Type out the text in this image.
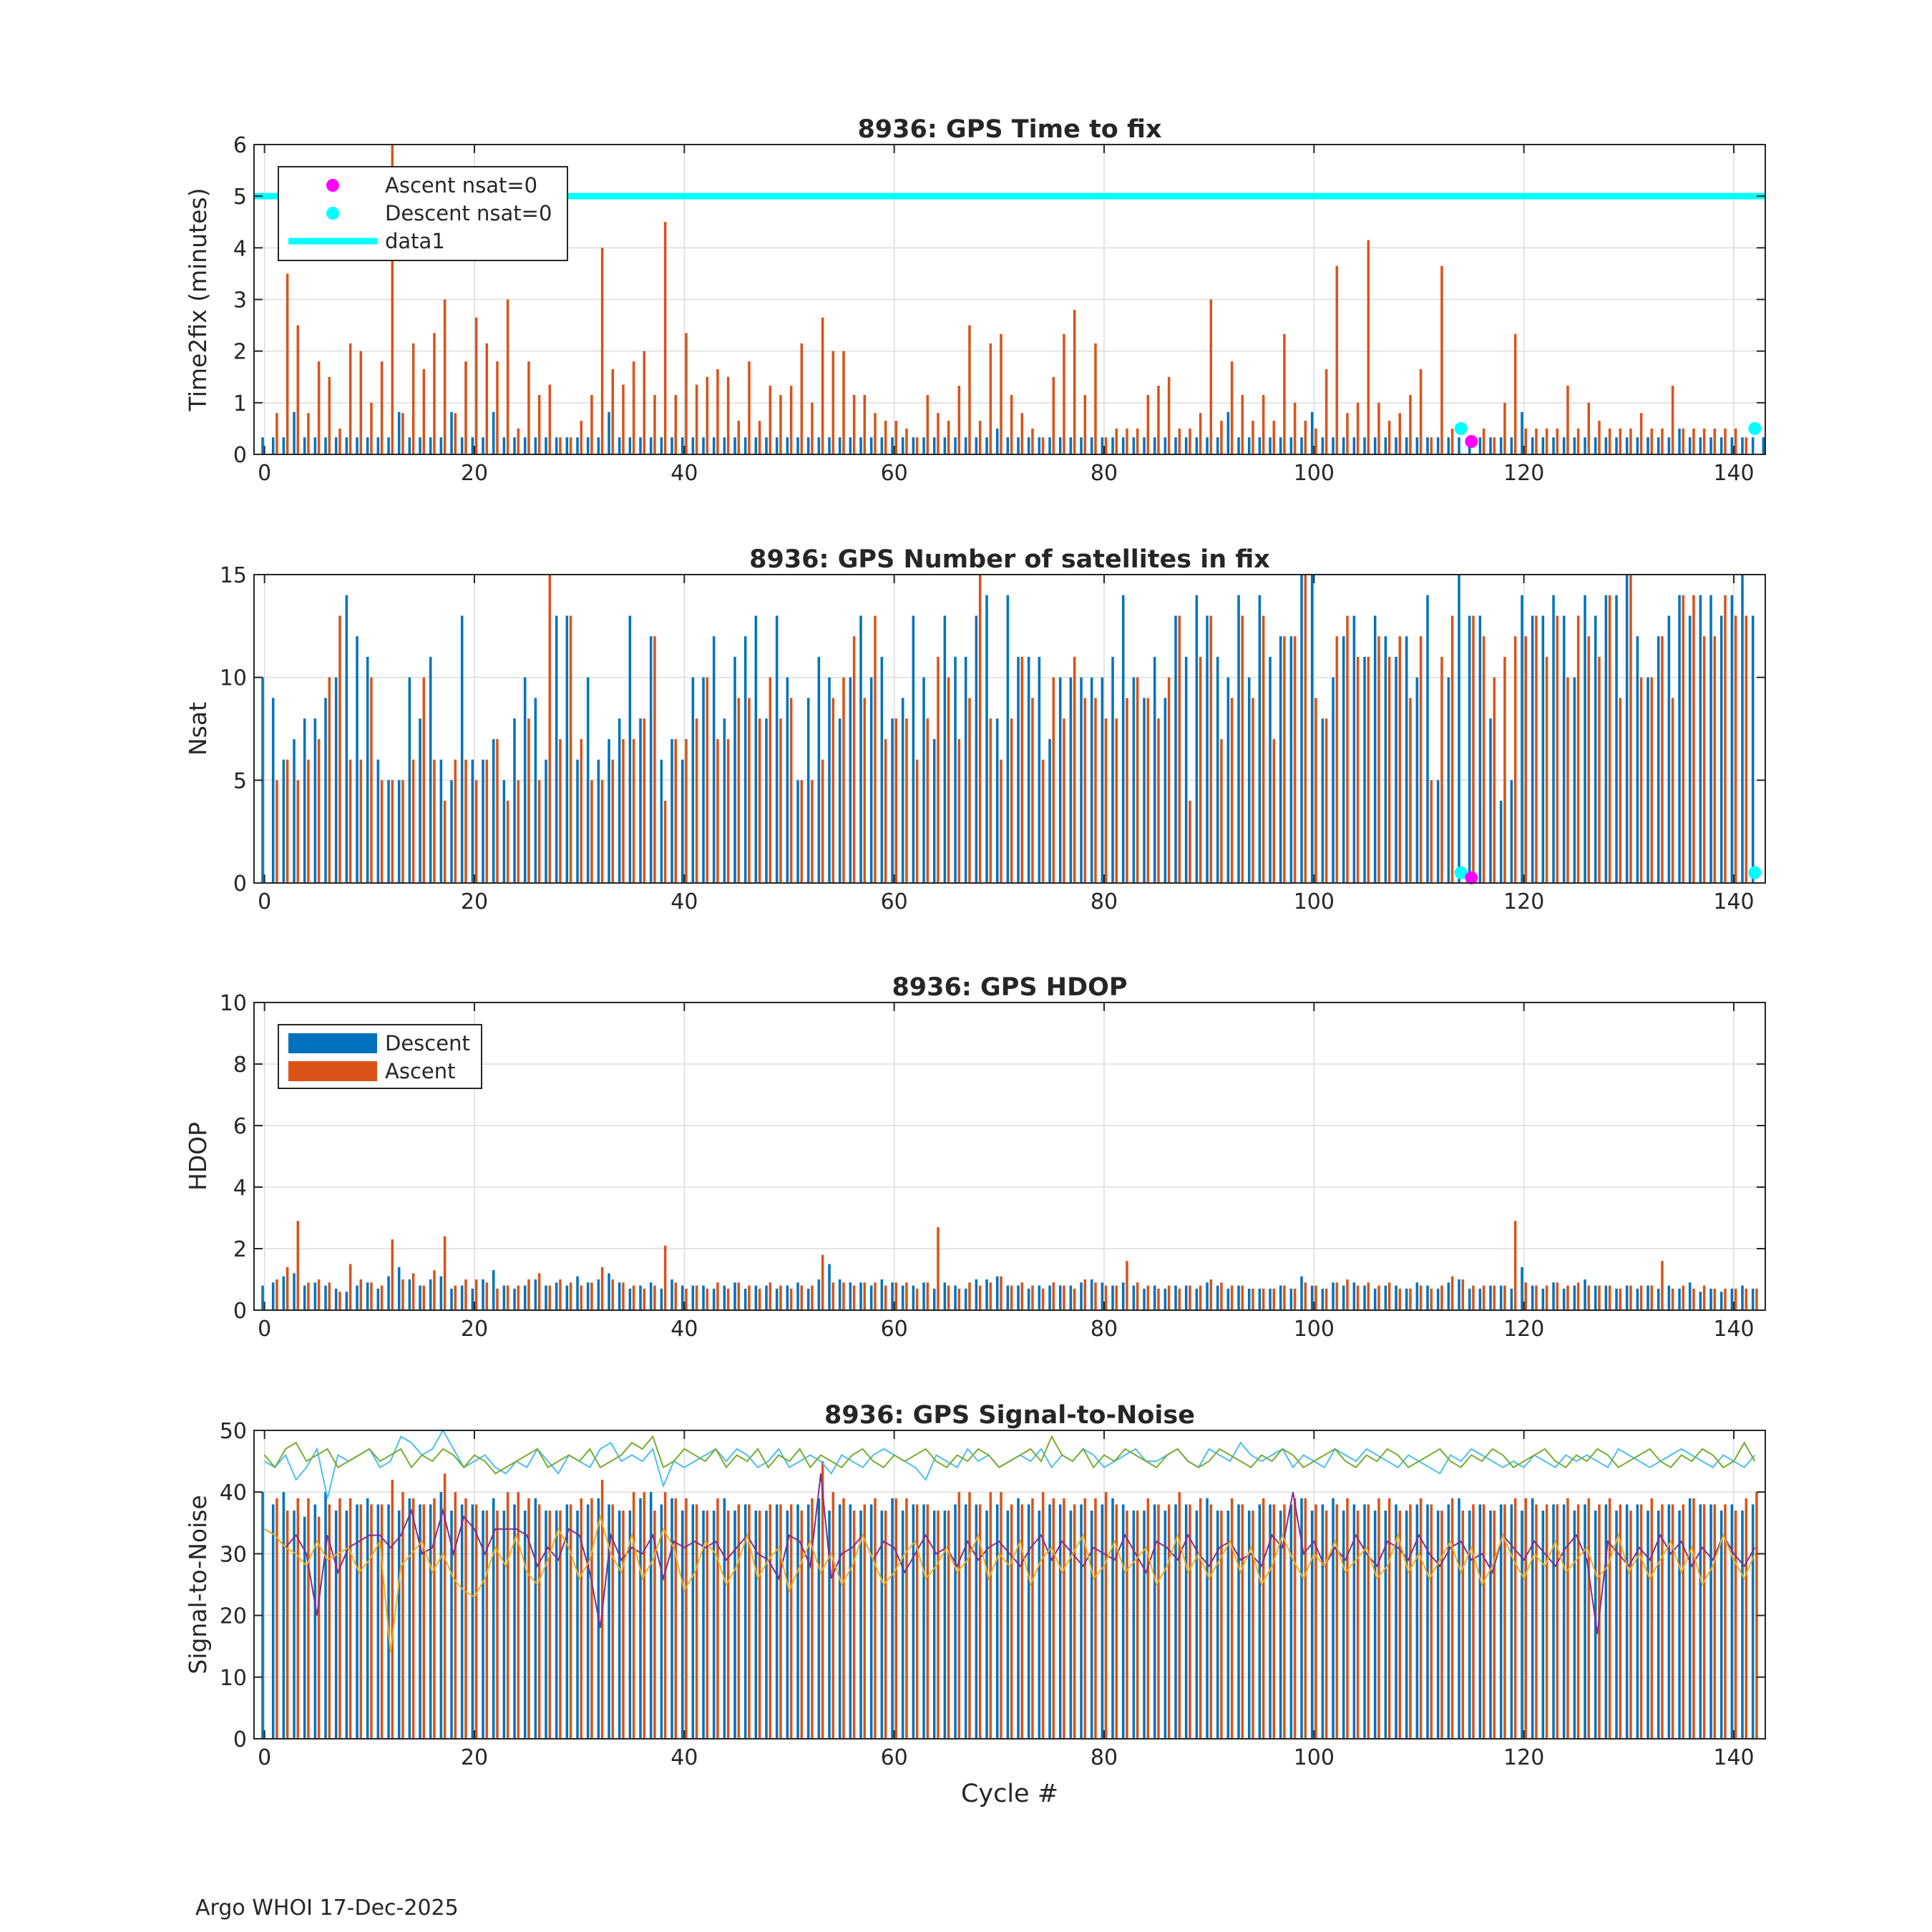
0	20	40	60	80	100	120	140
0
1
2
3
4
5
6
8936: GPS Time to fix
Time2fix (minutes)
Ascent nsat=0
Descent nsat=0
data1
0	20	40	60	80	100	120	140
0
5
10
15
8936: GPS Number of satellites in fix
Nsat
0	20	40	60	80	100	120	140
0
2
4
6
8
10
8936: GPS HDOP
HDOP
Descent
Ascent
0	20	40	60	80	100	120	140
0
10
20
30
40
50
8936: GPS Signal-to-Noise
Signal-to-Noise
Cycle #
Argo WHOI 17-Dec-2025
